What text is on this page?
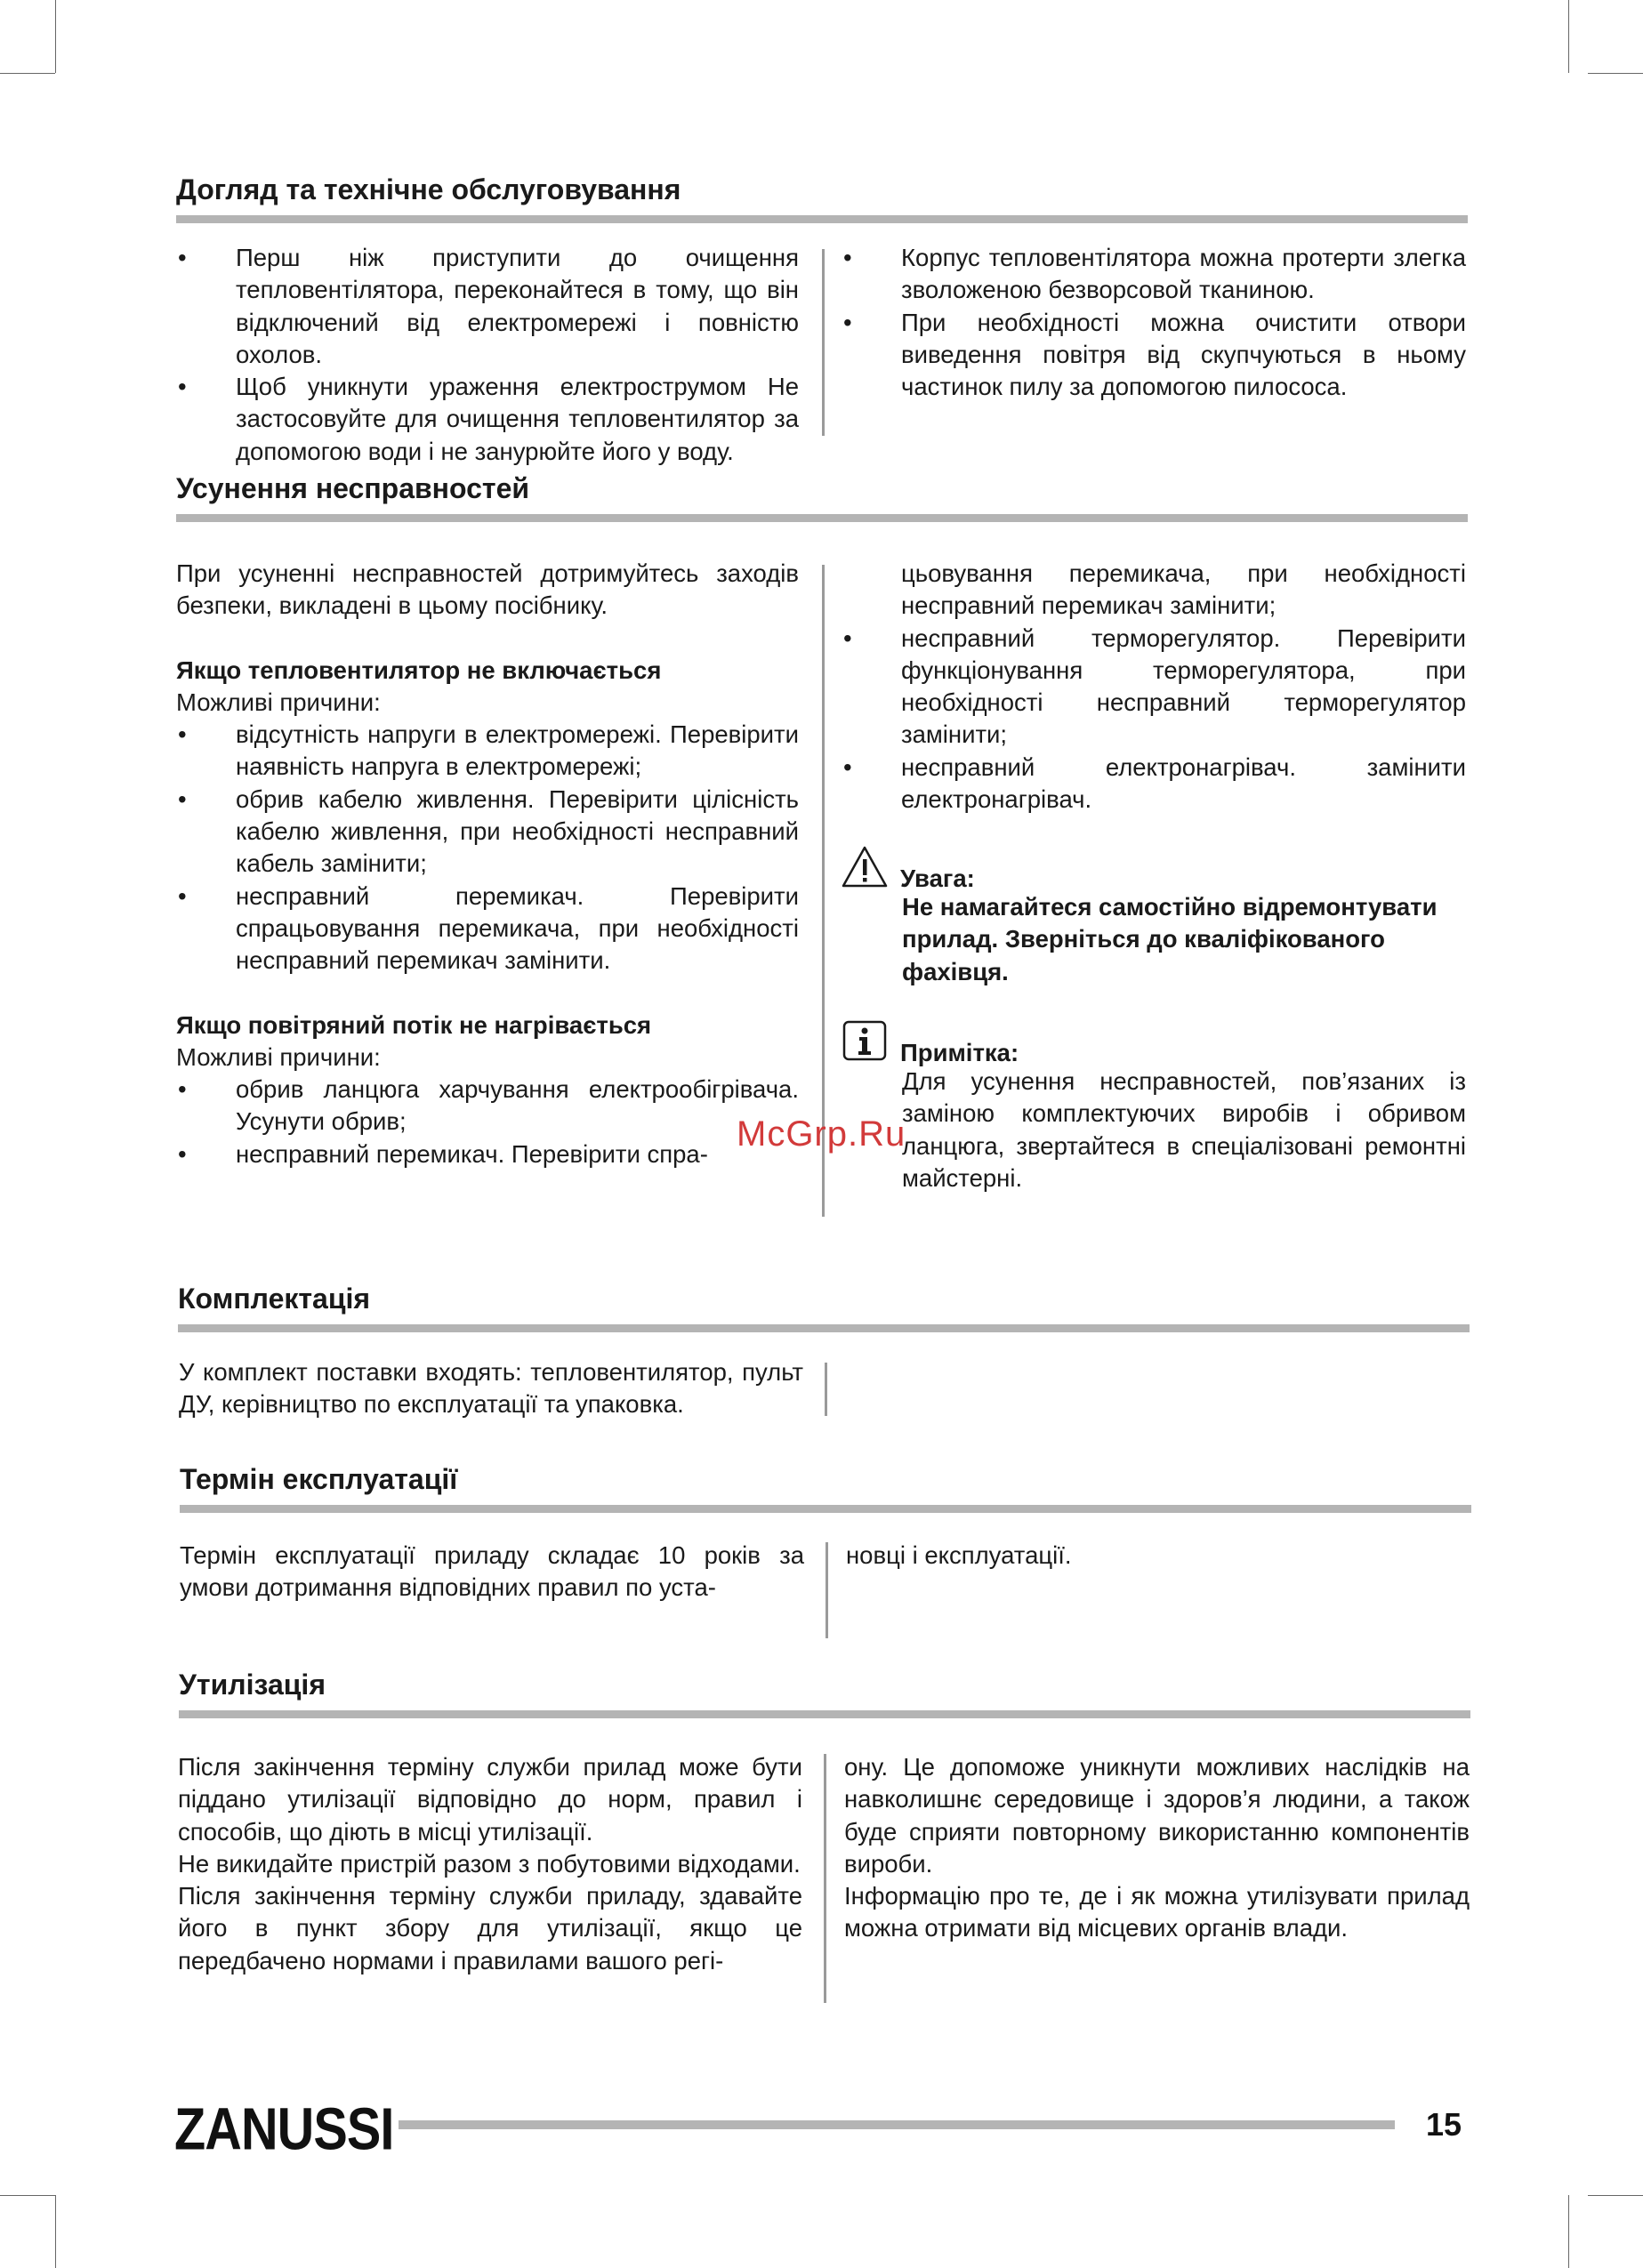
Догляд та технічне обслуговування
• Перш ніж приступити до очищення тепловентілятора, переконайтеся в тому, що він відключений від електромережі і повністю охолов.
• Щоб уникнути ураження електрострумом Не застосовуйте для очищення тепловентилятор за допомогою води і не занурюйте його у воду.
• Корпус тепловентілятора можна протерти злегка зволоженою безворсовой тканиною.
• При необхідності можна очистити отвори виведення повітря від скупчуються в ньому частинок пилу за допомогою пилососа.
Усунення несправностей

При усуненні несправностей дотримуйтесь заходів безпеки, викладені в цьому посібнику.

Якщо тепловентилятор не включається

Можливі причини:

• відсутність напруги в електромережі. Перевірити наявність напруга в електромережі;
• обрив кабелю живлення. Перевірити цілісність кабелю живлення, при необхідності несправний кабель замінити;
• несправний перемикач. Перевірити спрацьовування перемикача, при необхідності несправний перемикач замінити.

Якщо повітряний потік не нагрівається

Можливі причини:

• обрив ланцюга харчування електрообігрівача. Усунути обрив;
• несправний перемикач. Перевірити спра-
цьовування перемикача, при необхідності несправний перемикач замінити;
• несправний терморегулятор. Перевірити функціонування терморегулятора, при необхідності несправний терморегулятор замінити;
• несправний електронагрівач. замінити електронагрівач.
Увага:

Не намагайтеся самостійно відремонтувати прилад. Зверніться до кваліфікованого фахівця.

Примітка:

Для усунення несправностей, пов’язаних із заміною комплектуючих виробів і обривом ланцюга, звертайтеся в спеціалізовані ремонтні майстерні.

McGrp.Ru
Комплектація

У комплект поставки входять: тепловентилятор, пульт ДУ, керівництво по експлуатації та упаковка.

Термін експлуатації

Термін експлуатації приладу складає 10 років за умови дотримання відповідних правил по уста-

новці і експлуатації.

Утилізація

Після закінчення терміну служби прилад може бути піддано утилізації відповідно до норм, правил і способів, що діють в місці утилізації.

Не викидайте пристрій разом з побутовими відходами.

Після закінчення терміну служби приладу, здавайте його в пункт збору для утилізації, якщо це передбачено нормами і правилами вашого регі-

ону. Це допоможе уникнути можливих наслідків на навколишнє середовище і здоров’я людини, а також буде сприяти повторному використанню компонентів вироби.

Інформацію про те, де і як можна утилізувати прилад можна отримати від місцевих органів влади.

ZANUSSI	15
